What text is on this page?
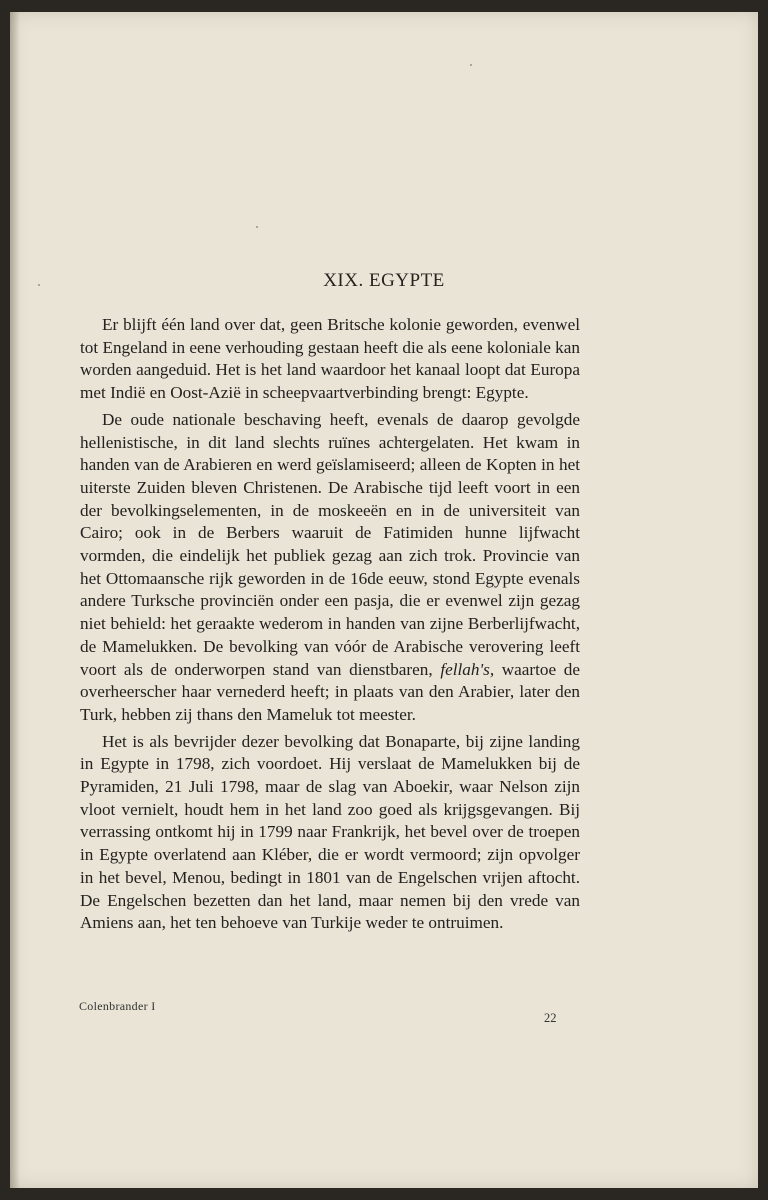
XIX. EGYPTE

Er blijft één land over dat, geen Britsche kolonie geworden, evenwel tot Engeland in eene verhouding gestaan heeft die als eene koloniale kan worden aangeduid. Het is het land waardoor het kanaal loopt dat Europa met Indië en Oost-Azië in scheepvaartverbinding brengt: Egypte.

De oude nationale beschaving heeft, evenals de daarop gevolgde hellenistische, in dit land slechts ruïnes achtergelaten. Het kwam in handen van de Arabieren en werd geïslamiseerd; alleen de Kopten in het uiterste Zuiden bleven Christenen. De Arabische tijd leeft voort in een der bevolkingselementen, in de moskeeën en in de universiteit van Cairo; ook in de Berbers waaruit de Fatimiden hunne lijfwacht vormden, die eindelijk het publiek gezag aan zich trok. Provincie van het Ottomaansche rijk geworden in de 16de eeuw, stond Egypte evenals andere Turksche provinciën onder een pasja, die er evenwel zijn gezag niet behield: het geraakte wederom in handen van zijne Berberlijfwacht, de Mamelukken. De bevolking van vóór de Arabische verovering leeft voort als de onderworpen stand van dienstbaren, fellah's, waartoe de overheerscher haar vernederd heeft; in plaats van den Arabier, later den Turk, hebben zij thans den Mameluk tot meester.

Het is als bevrijder dezer bevolking dat Bonaparte, bij zijne landing in Egypte in 1798, zich voordoet. Hij verslaat de Mamelukken bij de Pyramiden, 21 Juli 1798, maar de slag van Aboekir, waar Nelson zijn vloot vernielt, houdt hem in het land zoo goed als krijgsgevangen. Bij verrassing ontkomt hij in 1799 naar Frankrijk, het bevel over de troepen in Egypte overlatend aan Kléber, die er wordt vermoord; zijn opvolger in het bevel, Menou, bedingt in 1801 van de Engelschen vrijen aftocht. De Engelschen bezetten dan het land, maar nemen bij den vrede van Amiens aan, het ten behoeve van Turkije weder te ontruimen.

Colenbrander I
22
